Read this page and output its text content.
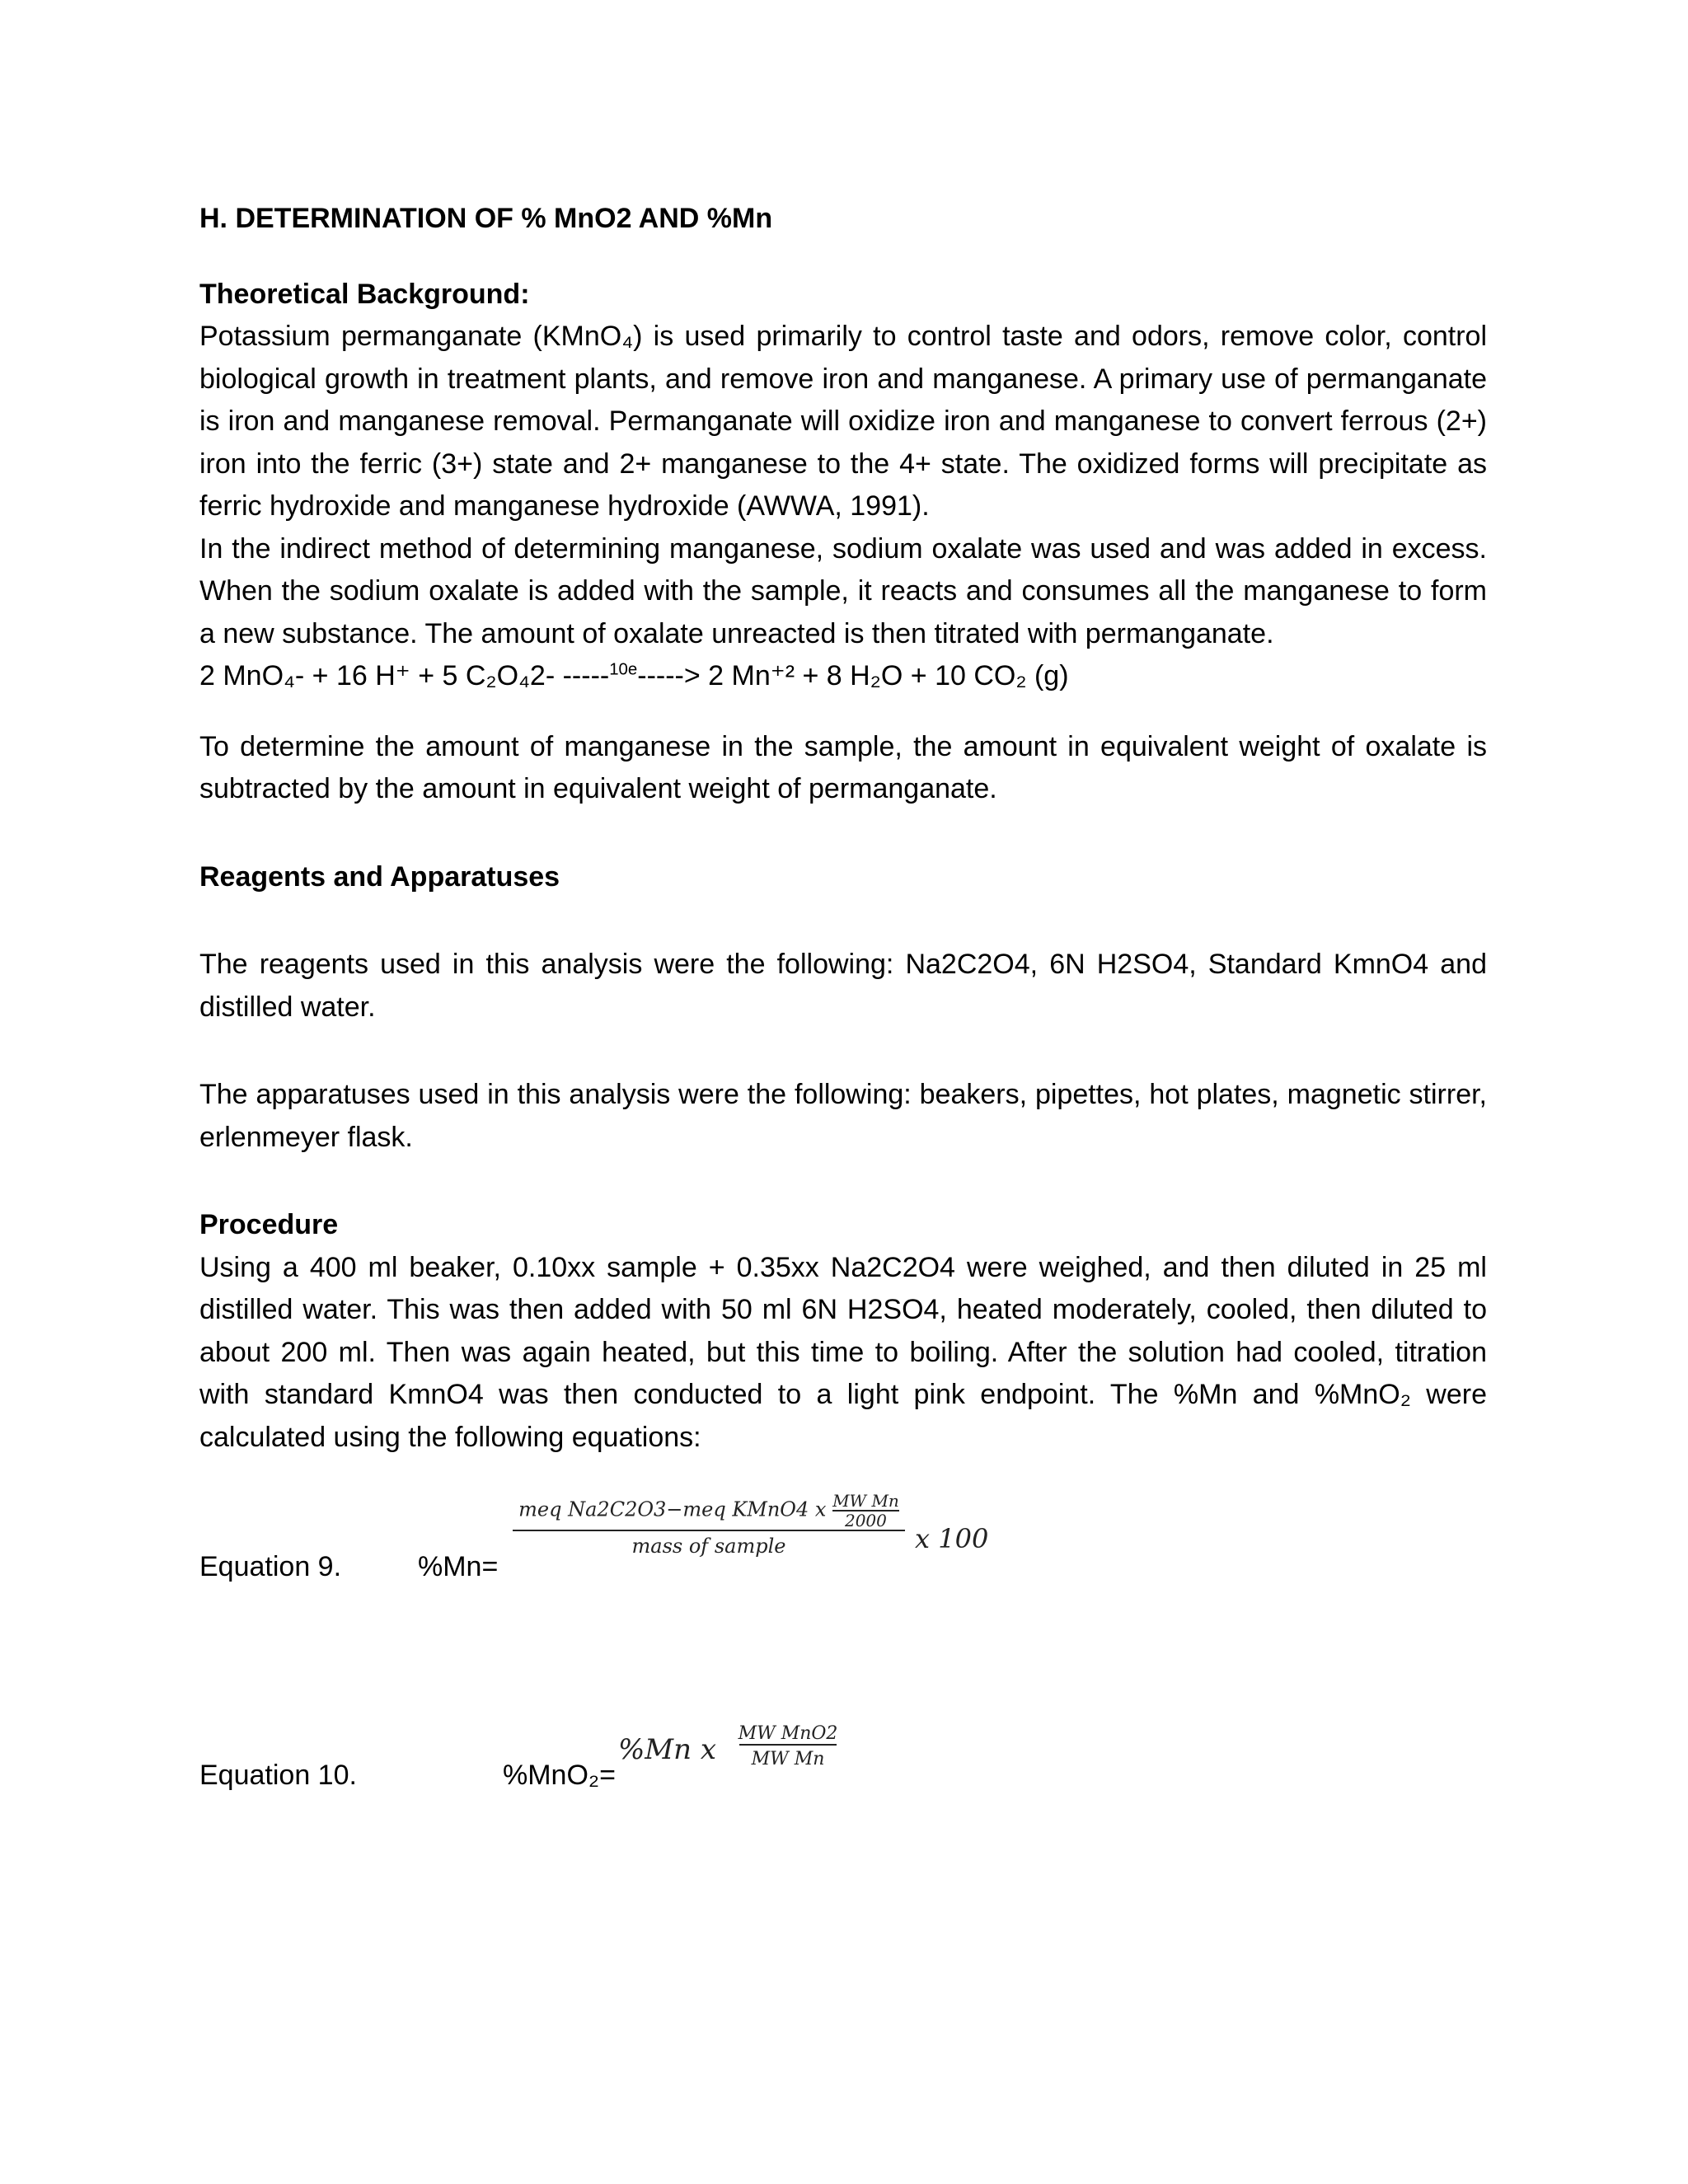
H. DETERMINATION OF % MnO2 AND %Mn

Theoretical Background:

Potassium permanganate (KMnO₄) is used primarily to control taste and odors, remove color, control biological growth in treatment plants, and remove iron and manganese. A primary use of permanganate is iron and manganese removal. Permanganate will oxidize iron and manganese to convert ferrous (2+) iron into the ferric (3+) state and 2+ manganese to the 4+ state. The oxidized forms will precipitate as ferric hydroxide and manganese hydroxide (AWWA, 1991).

In the indirect method of determining manganese, sodium oxalate was used and was added in excess. When the sodium oxalate is added with the sample, it reacts and consumes all the manganese to form a new substance. The amount of oxalate unreacted is then titrated with permanganate.

2 MnO₄- + 16 H⁺ + 5 C₂O₄2- -----$^{10e}$-----> 2 Mn⁺² + 8 H₂O + 10 CO₂ (g)

To determine the amount of manganese in the sample, the amount in equivalent weight of oxalate is subtracted by the amount in equivalent weight of permanganate.

Reagents and Apparatuses

The reagents used in this analysis were the following: Na2C2O4, 6N H2SO4, Standard KmnO4 and distilled water.

The apparatuses used in this analysis were the following: beakers, pipettes, hot plates, magnetic stirrer, erlenmeyer flask.

Procedure

Using a 400 ml beaker, 0.10xx sample + 0.35xx Na2C2O4 were weighed, and then diluted in 25 ml distilled water. This was then added with 50 ml 6N H2SO4, heated moderately, cooled, then diluted to about 200 ml. Then was again heated, but this time to boiling. After the solution had cooled, titration with standard KmnO4 was then conducted to a light pink endpoint. The %Mn and %MnO₂ were calculated using the following equations:

Equation 9.	%Mn=
meq Na2C2O3−meq KMnO4 x $\frac{\text{MW Mn}}{2000}$
mass of sample	x 100
Equation 10.	%MnO₂=
%Mn x MW MnO2
MW Mn
